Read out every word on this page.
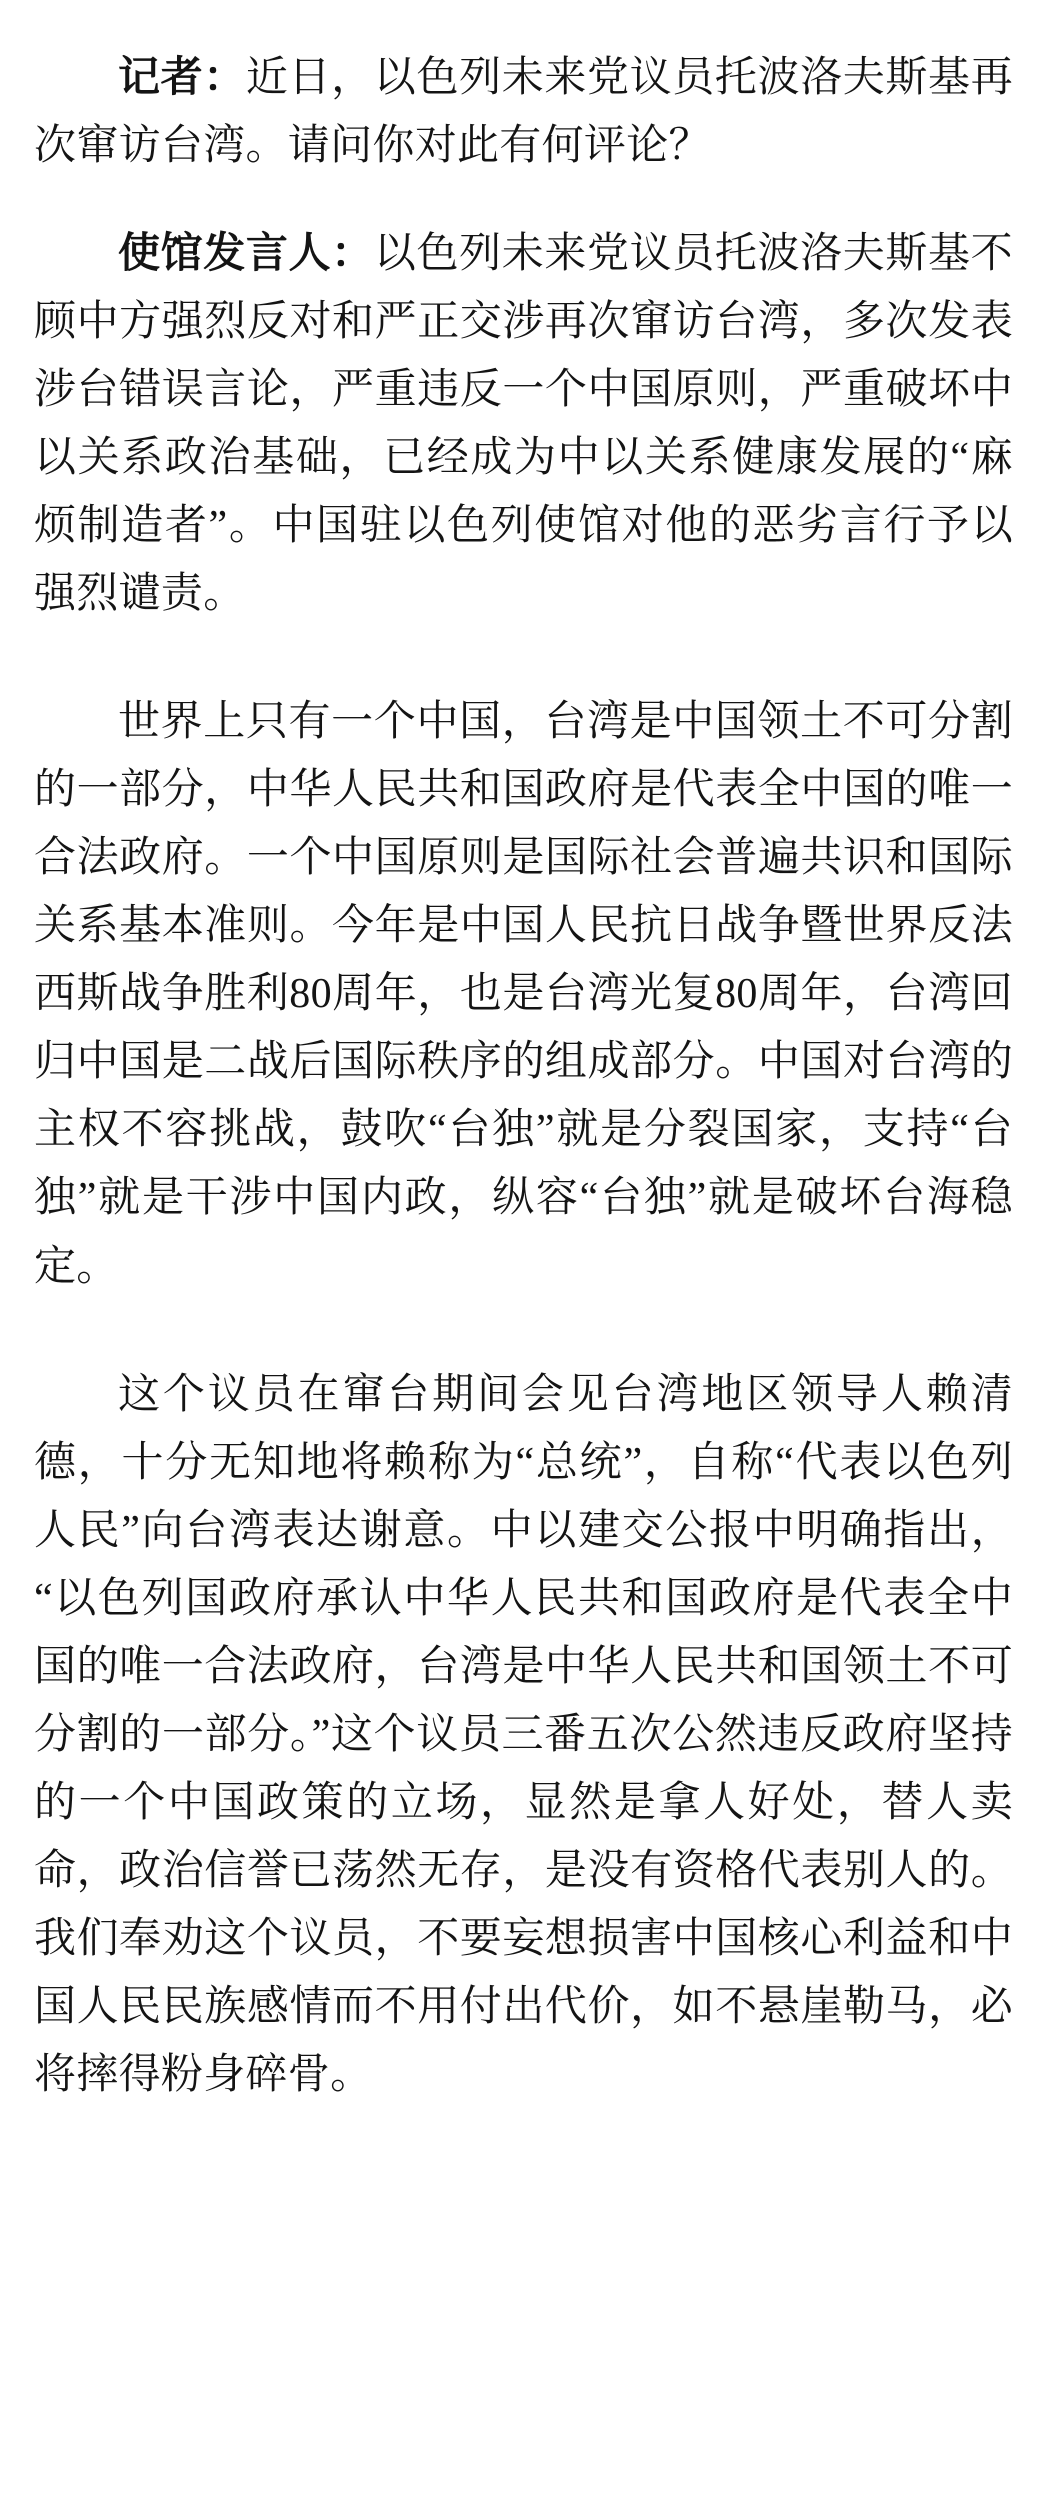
记者：近日，以色列未来党议员托波洛夫斯基再次窜访台湾。请问你对此有何评论？

使馆发言人：以色列未来党议员托波洛夫斯基不顾中方强烈反对和严正交涉再次窜访台湾，多次发表涉台错误言论，严重违反一个中国原则，严重破坏中以关系政治基础，已经成为中以关系健康发展的“麻烦制造者”。中国驻以色列使馆对他的恶劣言行予以强烈谴责。

世界上只有一个中国，台湾是中国领土不可分割的一部分，中华人民共和国政府是代表全中国的唯一合法政府。一个中国原则是国际社会普遍共识和国际关系基本准则。今年是中国人民抗日战争暨世界反法西斯战争胜利80周年，也是台湾光复80周年，台湾回归中国是二战后国际秩序的组成部分。中国对台湾的主权不容挑战，鼓吹“台独”就是分裂国家，支持“台独”就是干涉中国内政，纵容“台独”就是破坏台海稳定。

这个议员在窜台期间会见台湾地区领导人赖清德，十分无知地将赖称为“总统”，自称“代表以色列人民”向台湾表达谢意。中以建交公报中明确指出，“以色列国政府承认中华人民共和国政府是代表全中国的唯一合法政府，台湾是中华人民共和国领土不可分割的一部分。”这个议员三番五次公然违反政府坚持的一个中国政策的立场，显然是拿人好处，替人卖命，政治信誉已荡然无存，是没有资格代表别人的。我们奉劝这个议员，不要妄想损害中国核心利益和中国人民民族感情而不用付出代价，如不悬崖勒马，必将摔得粉身碎骨。
